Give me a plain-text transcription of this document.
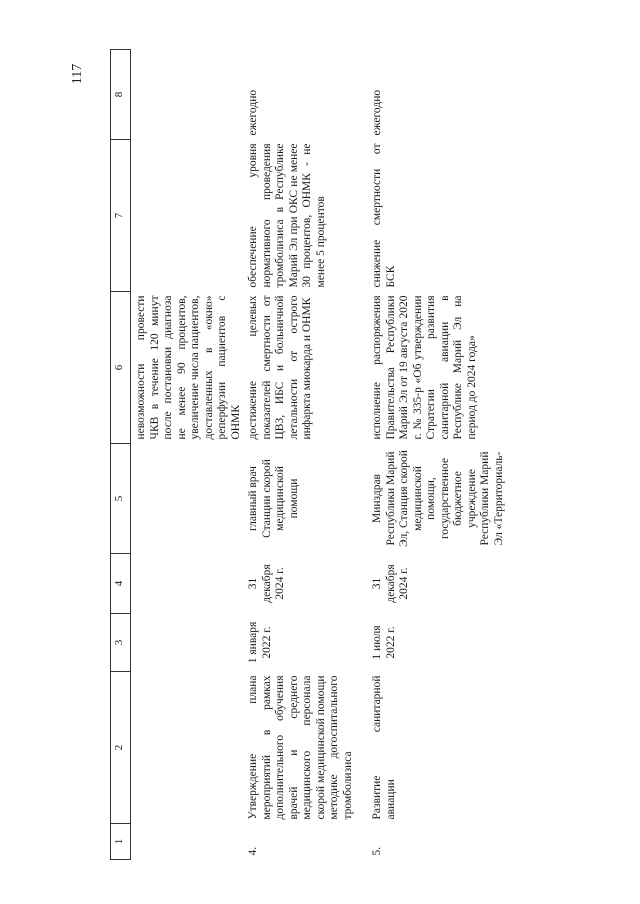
117
1	2	3	4	5	6	7	8
					невозможности провести ЧКВ в течение 120 минут после постановки диагноза не менее 90 процентов, увеличение числа пациентов, доставленных в «окно» реперфузии пациентов с ОНМК		
4.	Утверждение плана мероприятий в рамках дополнительного обучения врачей и среднего медицинского персонала скорой медицинской помощи методике догоспитального тромболизиса	1 января 2022 г.	31 декабря 2024 г.	главный врач Станции скорой медицинской помощи	достижение целевых показателей смертности от ЦВЗ, ИБС и больничной летальности от острого инфаркта миокарда и ОНМК	обеспечение уровня нормативного проведения тромболизиса в Республике Марий Эл при ОКС не менее 30 процентов, ОНМК - не менее 5 процентов	ежегодно

5.	Развитие санитарной авиации	1 июля 2022 г.	31 декабря 2024 г.	Минздрав Республики Марий Эл, Станция скорой медицинской помощи, государственное бюджетное учреждение Республики Марий Эл «Территориаль-	исполнение распоряжения Правительства Республики Марий Эл от 19 августа 2020 г. № 335-р «Об утверждении Стратегии развития санитарной авиации в Республике Марий Эл на период до 2024 года»	снижение смертности от БСК	ежегодно
